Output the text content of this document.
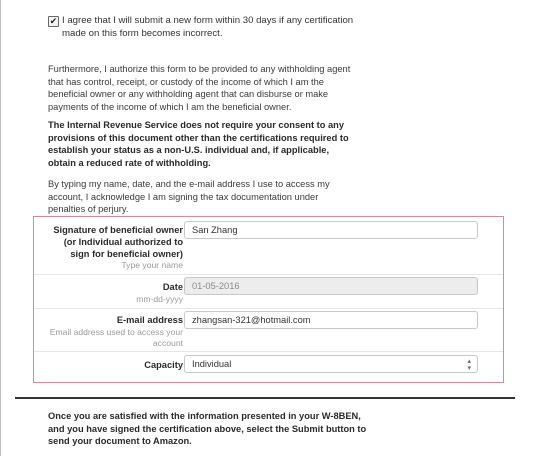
✔ I agree that I will submit a new form within 30 days if any certification made on this form becomes incorrect.
Furthermore, I authorize this form to be provided to any withholding agent that has control, receipt, or custody of the income of which I am the beneficial owner or any withholding agent that can disburse or make payments of the income of which I am the beneficial owner.
The Internal Revenue Service does not require your consent to any provisions of this document other than the certifications required to establish your status as a non-U.S. individual and, if applicable, obtain a reduced rate of withholding.
By typing my name, date, and the e-mail address I use to access my account, I acknowledge I am signing the tax documentation under penalties of perjury.
Signature of beneficial owner (or Individual authorized to sign for beneficial owner)
Type your name
San Zhang
Date
mm-dd-yyyy
01-05-2016
E-mail address
Email address used to access your account
zhangsan-321@hotmail.com
Capacity Individual	▴
▾
Once you are satisfied with the information presented in your W-8BEN, and you have signed the certification above, select the Submit button to send your document to Amazon.
